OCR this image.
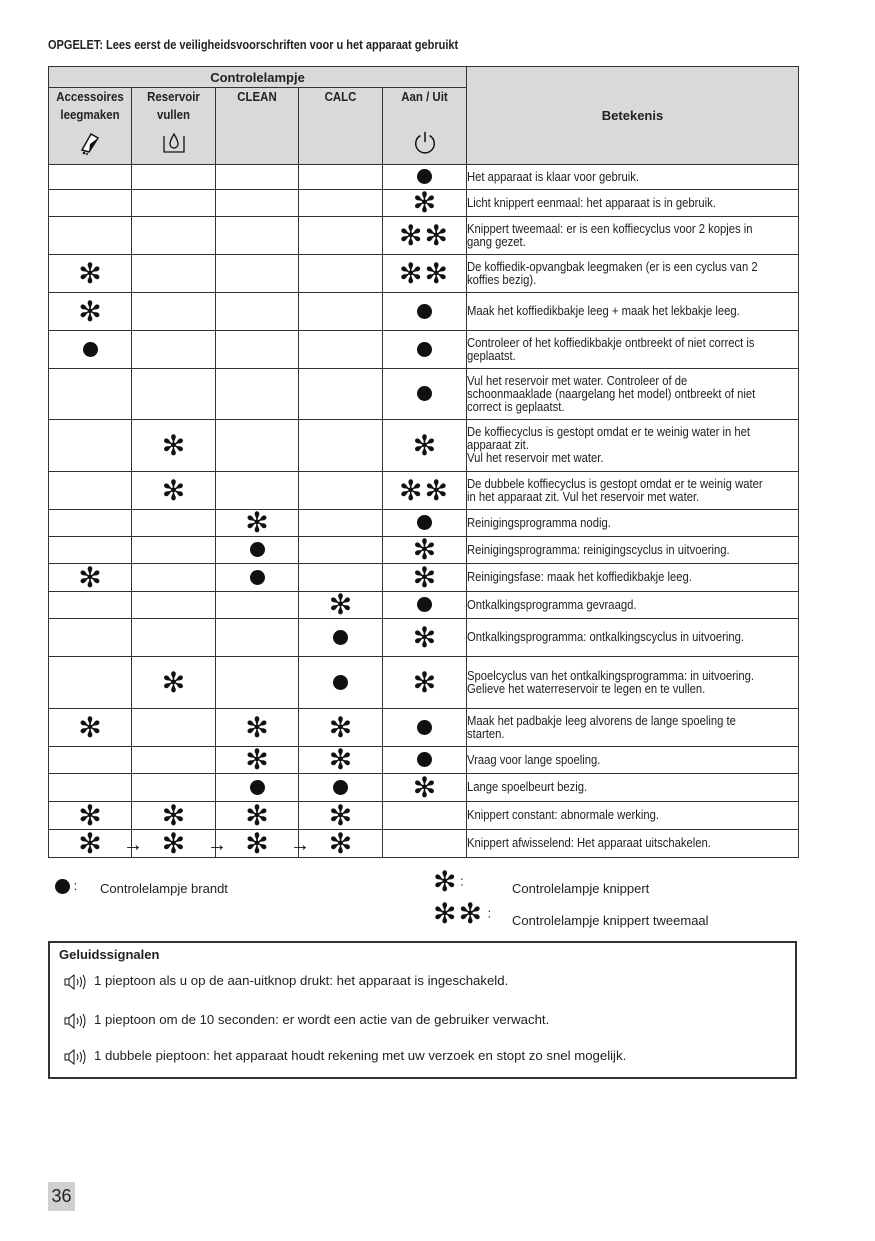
OPGELET: Lees eerst de veiligheidsvoorschriften voor u het apparaat gebruikt
Controlelampje					Betekenis

Accessoires leegmaken	Reservoir vullen	CLEAN	CALC	Aan / Uit	

					Het apparaat is klaar voor gebruik.

				✻	Licht knippert eenmaal: het apparaat is in gebruik.

				✻✻	Knippert tweemaal: er is een koffiecyclus voor 2 kopjes in gang gezet.

✻				✻✻	De koffiedik-opvangbak leegmaken (er is een cyclus van 2 koffies bezig).

✻					Maak het koffiedikbakje leeg + maak het lekbakje leeg.

					Controleer of het koffiedikbakje ontbreekt of niet correct is geplaatst.

					Vul het reservoir met water. Controleer of de schoonmaaklade (naargelang het model) ontbreekt of niet correct is geplaatst.

	✻			✻	De koffiecyclus is gestopt omdat er te weinig water in het apparaat zit.
Vul het reservoir met water.

	✻			✻✻	De dubbele koffiecyclus is gestopt omdat er te weinig water in het apparaat zit. Vul het reservoir met water.

		✻			Reinigingsprogramma nodig.

				✻	Reinigingsprogramma: reinigingscyclus in uitvoering.

✻				✻	Reinigingsfase: maak het koffiedikbakje leeg.

			✻		Ontkalkingsprogramma gevraagd.

				✻	Ontkalkingsprogramma: ontkalkingscyclus in uitvoering.

	✻			✻	Spoelcyclus van het ontkalkingsprogramma: in uitvoering. Gelieve het waterreservoir te legen en te vullen.

✻		✻	✻		Maak het padbakje leeg alvorens de lange spoeling te starten.

		✻	✻		Vraag voor lange spoeling.

				✻	Lange spoelbeurt bezig.

✻	✻	✻	✻		Knippert constant: abnormale werking.

✻ →	✻ →	✻ →	✻		Knippert afwisselend: Het apparaat uitschakelen.
: Controlelampje brandt	✻ :
Controlelampje knippert
✻✻ :
Controlelampje knippert tweemaal
Geluidssignalen
1 pieptoon als u op de aan-uitknop drukt: het apparaat is ingeschakeld.
1 pieptoon om de 10 seconden: er wordt een actie van de gebruiker verwacht.
1 dubbele pieptoon: het apparaat houdt rekening met uw verzoek en stopt zo snel mogelijk.
36
